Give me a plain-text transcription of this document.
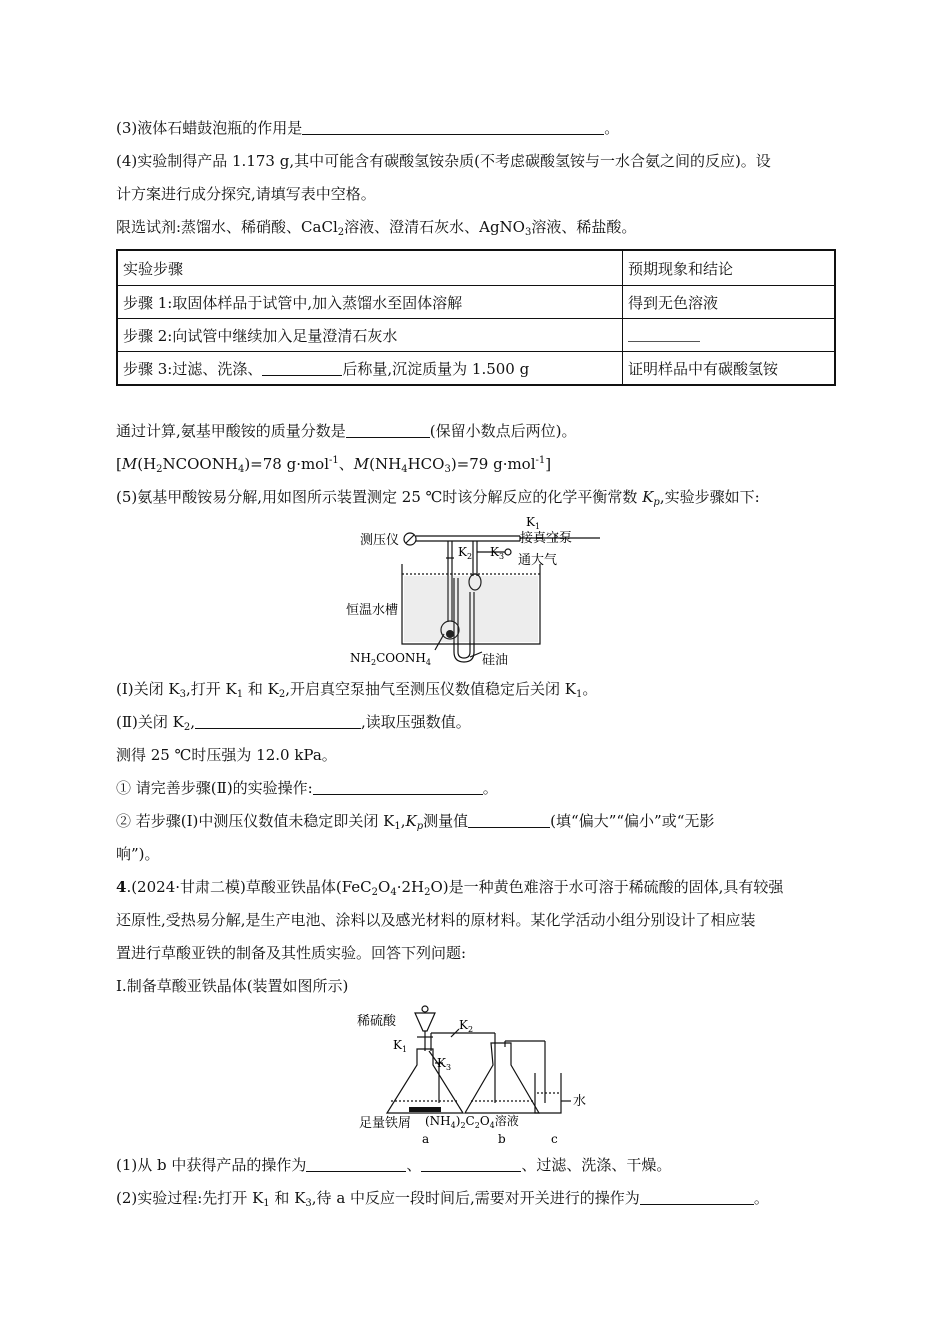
(3)液体石蜡鼓泡瓶的作用是	。
(4)实验制得产品 1.173 g,其中可能含有碳酸氢铵杂质(不考虑碳酸氢铵与一水合氨之间的反应)。设
计方案进行成分探究,请填写表中空格。
限选试剂:蒸馏水、稀硝酸、CaCl$_2$溶液、澄清石灰水、AgNO$_3$溶液、稀盐酸。
实验步骤	预期现象和结论
步骤 1:取固体样品于试管中,加入蒸馏水至固体溶解	得到无色溶液
步骤 2:向试管中继续加入足量澄清石灰水	
步骤 3:过滤、洗涤、 后称量,沉淀质量为 1.500 g	证明样品中有碳酸氢铵
通过计算,氨基甲酸铵的质量分数是	(保留小数点后两位)。
[$M(H_2NCOONH_4)=78$ g·mol$^{-1}$、$M(NH_4HCO_3)=79$ g·mol$^{-1}$]
(5)氨基甲酸铵易分解,用如图所示装置测定 25 ℃时该分解反应的化学平衡常数 $K_p$,实验步骤如下:
测压仪
$K_1$
接真空泵
$K_2$ $K_3$ 通大气
恒温水槽
$NH_2COONH_4$	硅油
(Ⅰ)关闭 $K_3$,打开 $K_1$ 和 $K_2$,开启真空泵抽气至测压仪数值稳定后关闭 $K_1$。
(Ⅱ)关闭 $K_2$,	,读取压强数值。
测得 25 ℃时压强为 12.0 kPa。
① 请完善步骤(Ⅱ)的实验操作:	。
② 若步骤(Ⅰ)中测压仪数值未稳定即关闭 $K_1,K_p$测量值	(填“偏大”“偏小”或“无影
响”)。
4.(2024·甘肃二模)草酸亚铁晶体$(FeC_2O_4\cdot 2H_2O)$是一种黄色难溶于水可溶于稀硫酸的固体,具有较强
还原性,受热易分解,是生产电池、涂料以及感光材料的原材料。某化学活动小组分别设计了相应装
置进行草酸亚铁的制备及其性质实验。回答下列问题:
Ⅰ.制备草酸亚铁晶体(装置如图所示)
稀硫酸	$K_2$
$K_1$
$K_3$
水
足量铁屑 $(NH_4)_2C_2O_4$溶液
a	b	c
(1)从 b 中获得产品的操作为	、	、过滤、洗涤、干燥。
(2)实验过程:先打开 $K_1$ 和 $K_3$,待 a 中反应一段时间后,需要对开关进行的操作为	。
